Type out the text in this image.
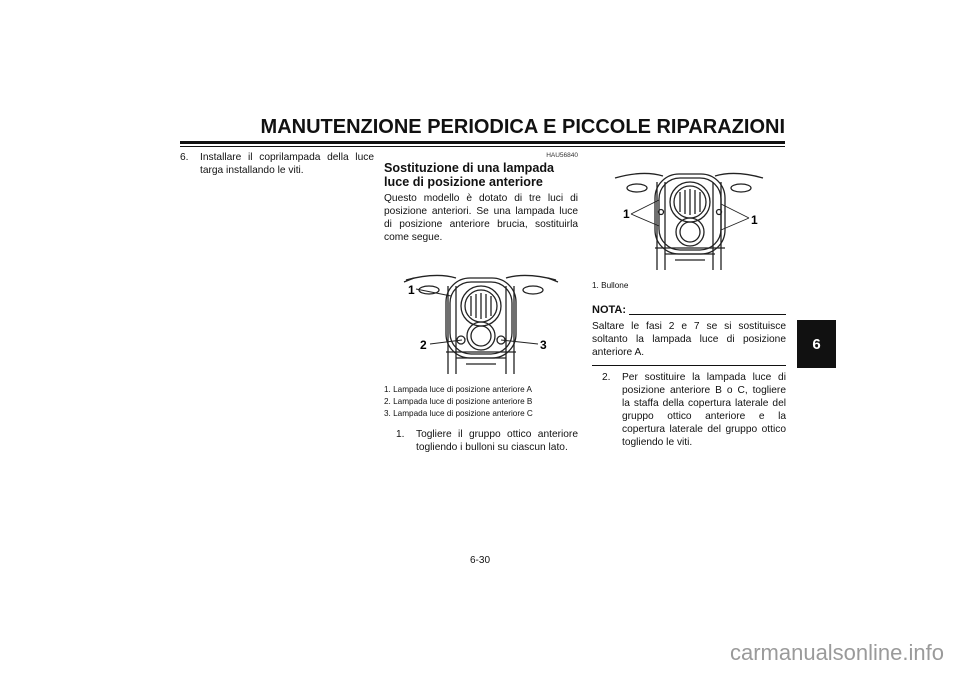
MANUTENZIONE PERIODICA E PICCOLE RIPARAZIONI
6
6.	Installare il coprilampada della luce targa installando le viti.
HAU56840
Sostituzione di una lampada luce di posizione anteriore
Questo modello è dotato di tre luci di posizione anteriori. Se una lampada luce di posizione anteriore brucia, sostituirla come segue.
1
2	3
1. Lampada luce di posizione anteriore A
2. Lampada luce di posizione anteriore B
3. Lampada luce di posizione anteriore C
1.	Togliere il gruppo ottico anteriore togliendo i bulloni su ciascun lato.
1	1
1. Bullone
NOTA:
Saltare le fasi 2 e 7 se si sostituisce soltanto la lampada luce di posizione anteriore A.
2.	Per sostituire la lampada luce di posizione anteriore B o C, togliere la staffa della copertura laterale del gruppo ottico anteriore e la copertura laterale del gruppo ottico togliendo le viti.
6-30
carmanualsonline.info
